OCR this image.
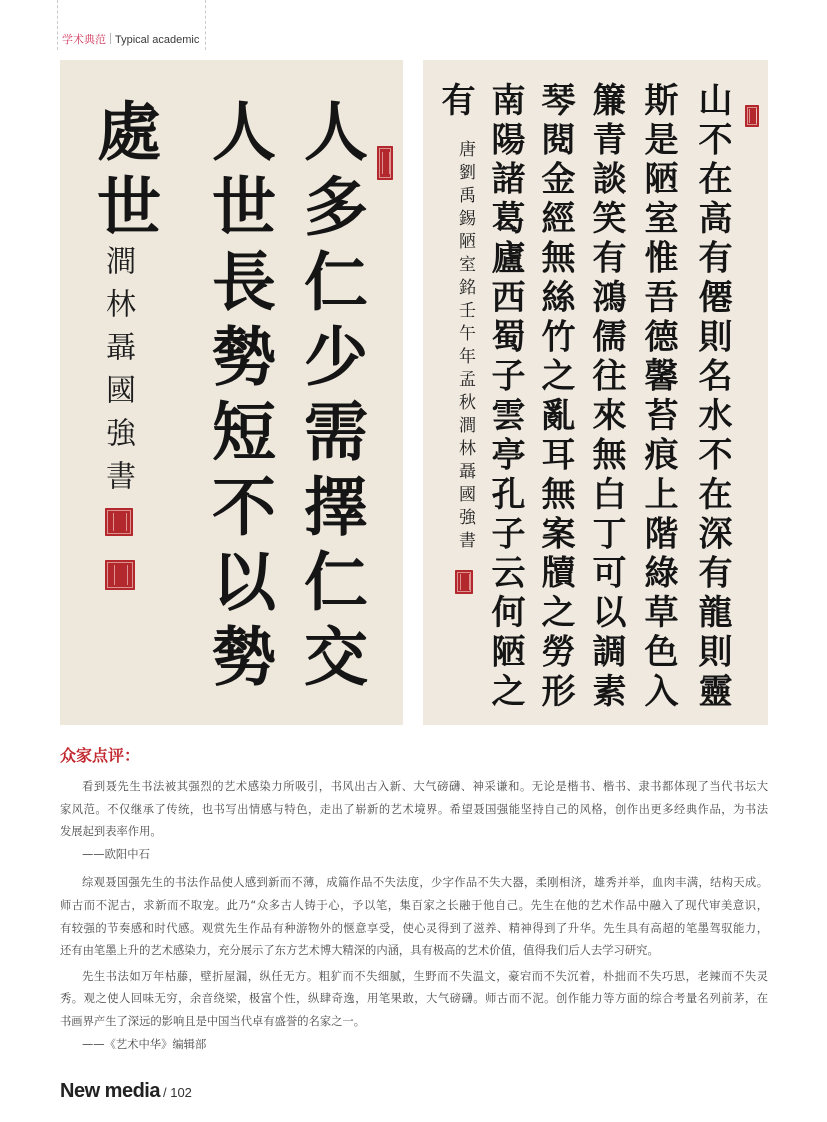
学术典范 Typical academic
人多仁少需擇仁交
人世長勢短不以勢
處世
澗林聶國強書	山不在高有僊則名水不在深有龍則靈
斯是陋室惟吾德馨苔痕上階綠草色入
簾青談笑有鴻儒往來無白丁可以調素
琴閱金經無絲竹之亂耳無案牘之勞形
南陽諸葛廬西蜀子雲亭孔子云何陋之
有
唐劉禹錫陋室銘壬午年孟秋澗林聶國強書
众家点评：
看到聂先生书法被其强烈的艺术感染力所吸引，书风出古入新、大气磅礴、神采谦和。无论是楷书、楷书、隶书都体现了当代书坛大
家风范。不仅继承了传统，也书写出情感与特色，走出了崭新的艺术境界。希望聂国强能坚持自己的风格，创作出更多经典作品，为书法
发展起到表率作用。
——欧阳中石
综观聂国强先生的书法作品使人感到新而不薄，成篇作品不失法度，少字作品不失大器，柔刚相济，雄秀并举，血肉丰满，结构天成。
师古而不泥古，求新而不取宠。此乃“众多古人铸于心，予以笔，集百家之长融于他自己。先生在他的艺术作品中融入了现代审美意识，
有较强的节奏感和时代感。观赏先生作品有种游物外的惬意享受，使心灵得到了滋养、精神得到了升华。先生具有高超的笔墨驾驭能力，
还有由笔墨上升的艺术感染力，充分展示了东方艺术博大精深的内涵，具有极高的艺术价值，值得我们后人去学习研究。
先生书法如万年枯藤，壁折屋漏，纵任无方。粗犷而不失细腻，生野而不失温文，豪宕而不失沉着，朴拙而不失巧思，老辣而不失灵
秀。观之使人回味无穷，余音绕梁，极富个性，纵肆奇逸，用笔果敢，大气磅礴。师古而不泥。创作能力等方面的综合考量名列前茅，在
书画界产生了深远的影响且是中国当代卓有盛誉的名家之一。
——《艺术中华》编辑部
New media / 102
